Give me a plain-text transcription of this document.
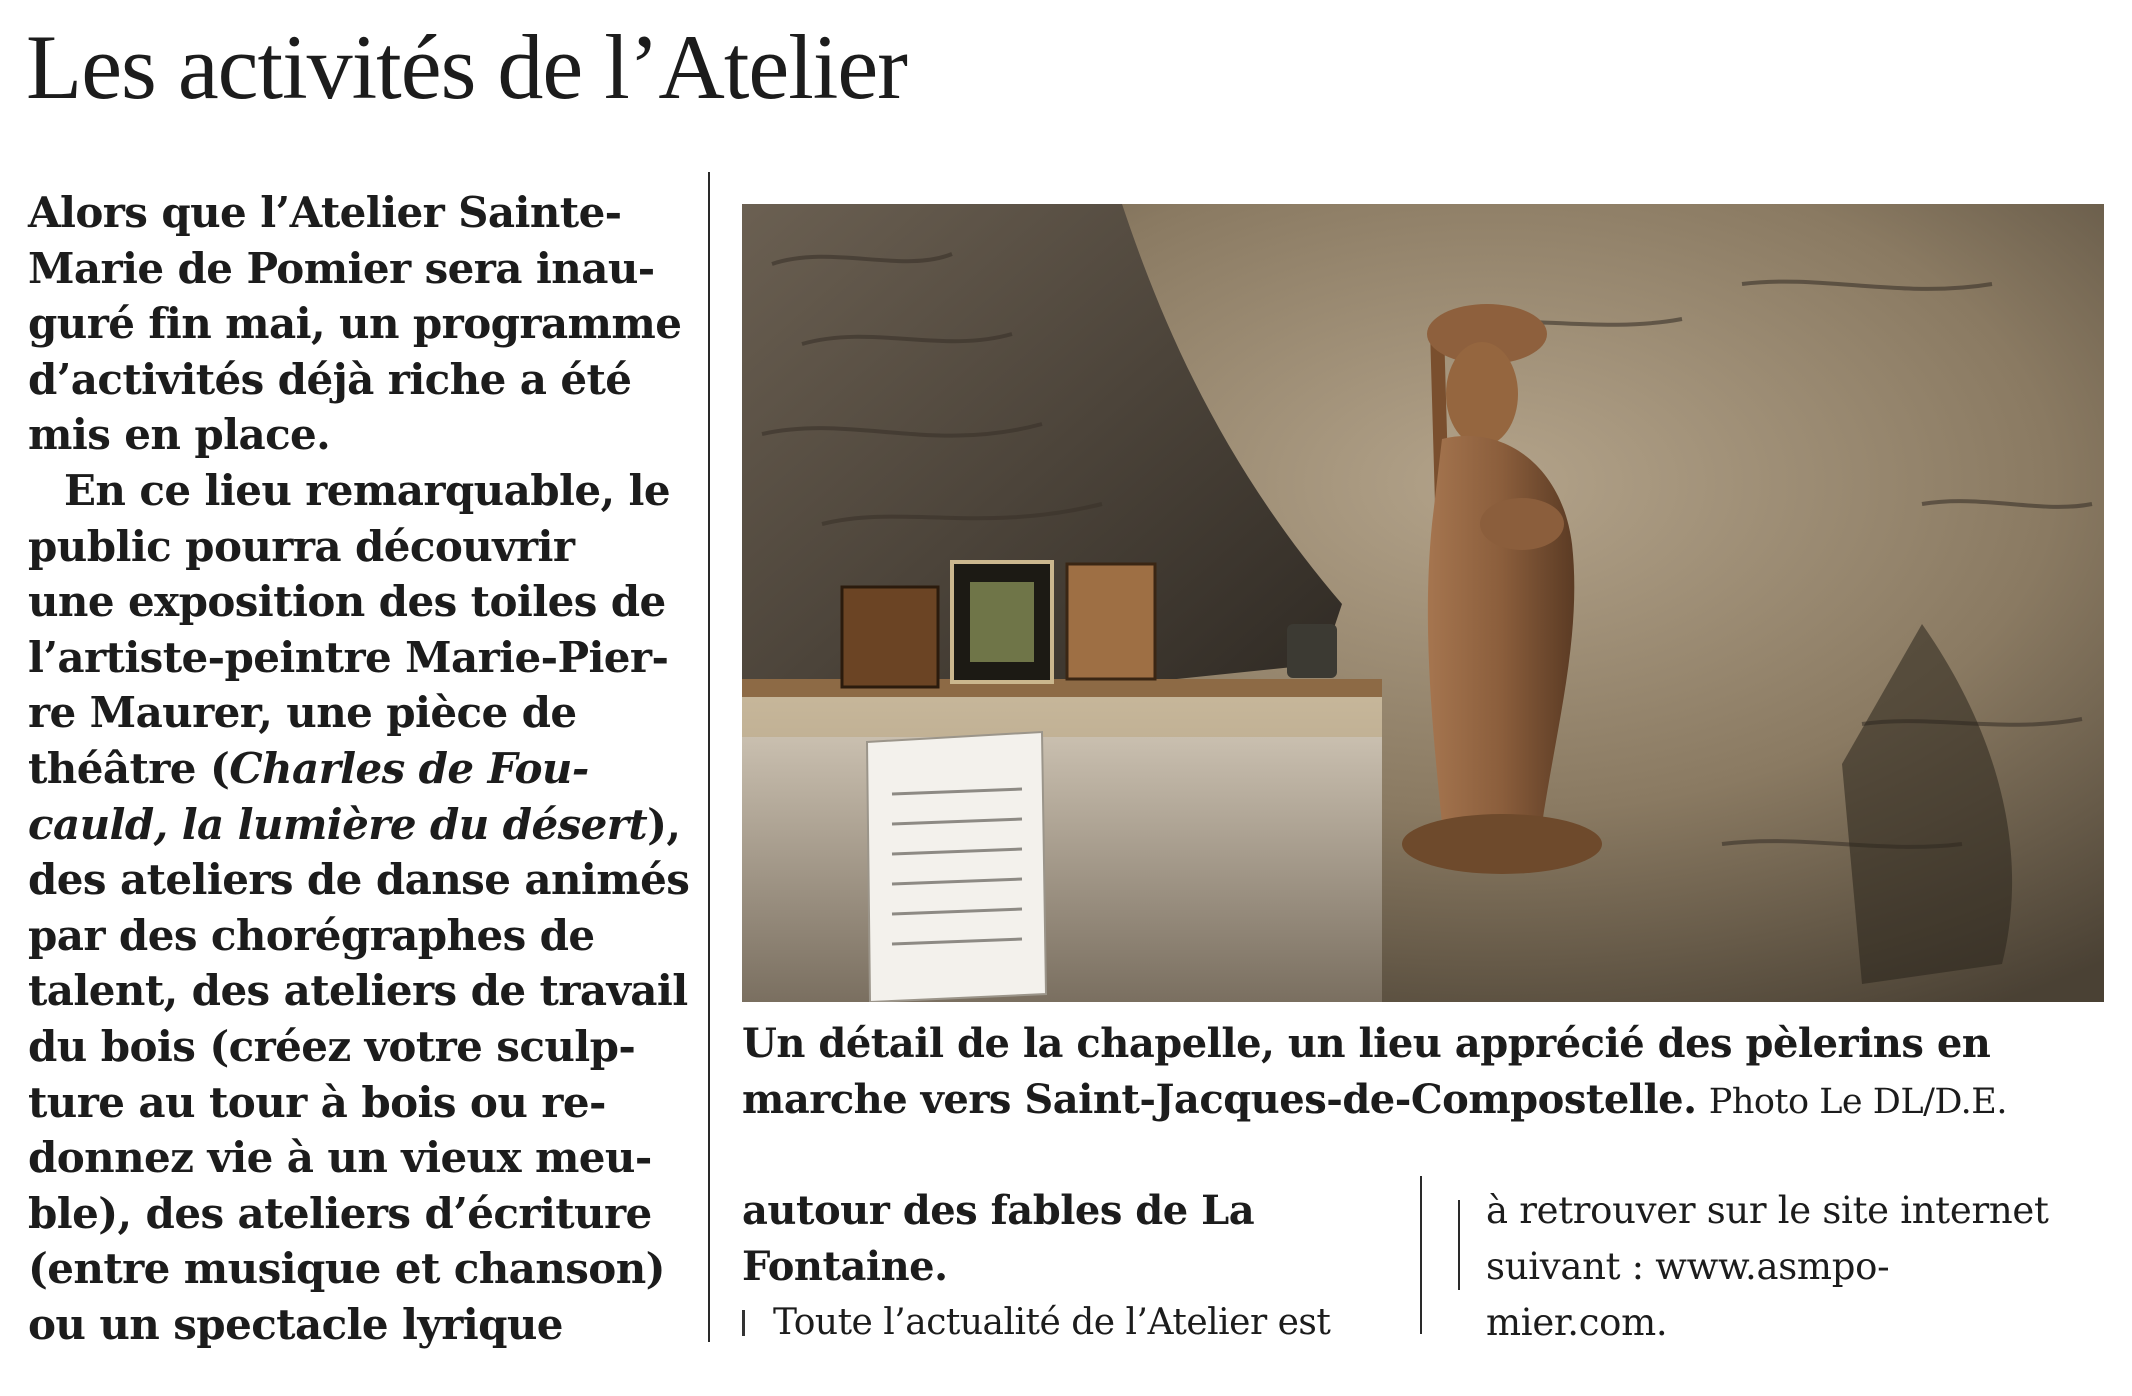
Les activités de l’Atelier
Alors que l’Atelier Sainte-
Marie de Pomier sera inau-
guré fin mai, un programme
d’activités déjà riche a été
mis en place.
En ce lieu remarquable, le
public pourra découvrir
une exposition des toiles de
l’artiste-peintre Marie-Pier-
re Maurer, une pièce de
théâtre (Charles de Fou-
cauld, la lumière du désert),
des ateliers de danse animés
par des chorégraphes de
talent, des ateliers de travail
du bois (créez votre sculp-
ture au tour à bois ou re-
donnez vie à un vieux meu-
ble), des ateliers d’écriture
(entre musique et chanson)
ou un spectacle lyrique
Un détail de la chapelle, un lieu apprécié des pèlerins en
marche vers Saint-Jacques-de-Compostelle. Photo Le DL/D.E.
autour des fables de La
Fontaine.
Toute l’actualité de l’Atelier est
à retrouver sur le site internet
suivant : www.asmpo-
mier.com.
